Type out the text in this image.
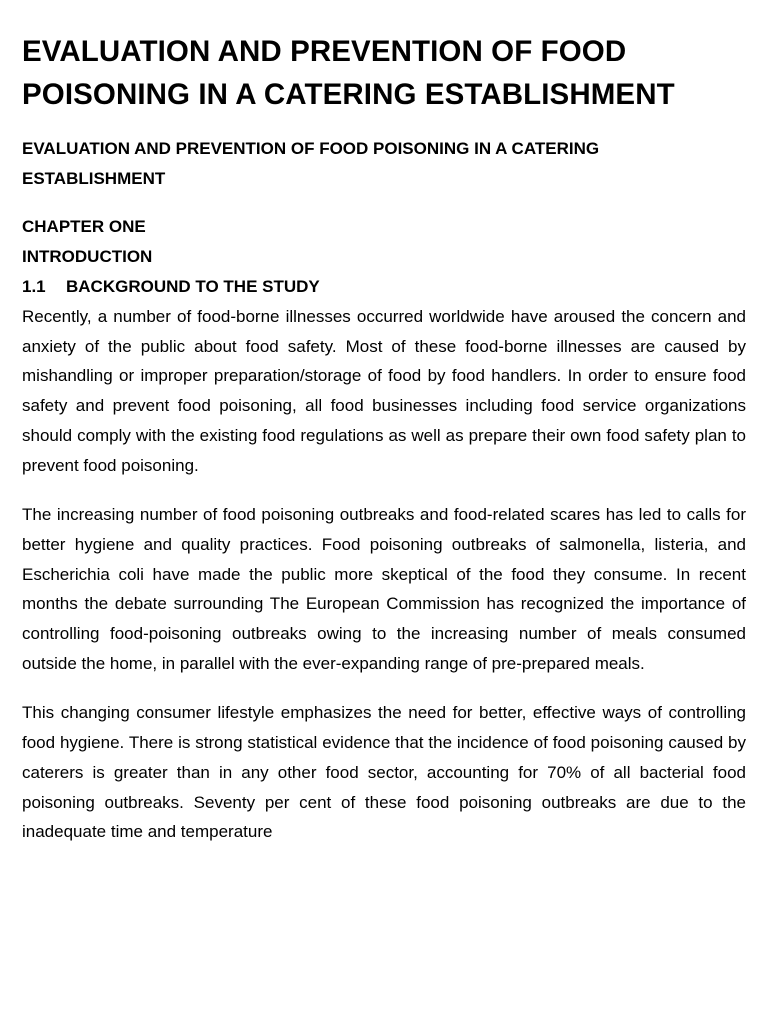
EVALUATION AND PREVENTION OF FOOD POISONING IN A CATERING ESTABLISHMENT

EVALUATION AND PREVENTION OF FOOD POISONING IN A CATERING ESTABLISHMENT

CHAPTER ONE

INTRODUCTION

1.1 BACKGROUND TO THE STUDY

Recently, a number of food-borne illnesses occurred worldwide have aroused the concern and anxiety of the public about food safety. Most of these food-borne illnesses are caused by mishandling or improper preparation/storage of food by food handlers. In order to ensure food safety and prevent food poisoning, all food businesses including food service organizations should comply with the existing food regulations as well as prepare their own food safety plan to prevent food poisoning.

The increasing number of food poisoning outbreaks and food-related scares has led to calls for better hygiene and quality practices. Food poisoning outbreaks of salmonella, listeria, and Escherichia coli have made the public more skeptical of the food they consume. In recent months the debate surrounding The European Commission has recognized the importance of controlling food-poisoning outbreaks owing to the increasing number of meals consumed outside the home, in parallel with the ever-expanding range of pre-prepared meals.

This changing consumer lifestyle emphasizes the need for better, effective ways of controlling food hygiene. There is strong statistical evidence that the incidence of food poisoning caused by caterers is greater than in any other food sector, accounting for 70% of all bacterial food poisoning outbreaks. Seventy per cent of these food poisoning outbreaks are due to the inadequate time and temperature
